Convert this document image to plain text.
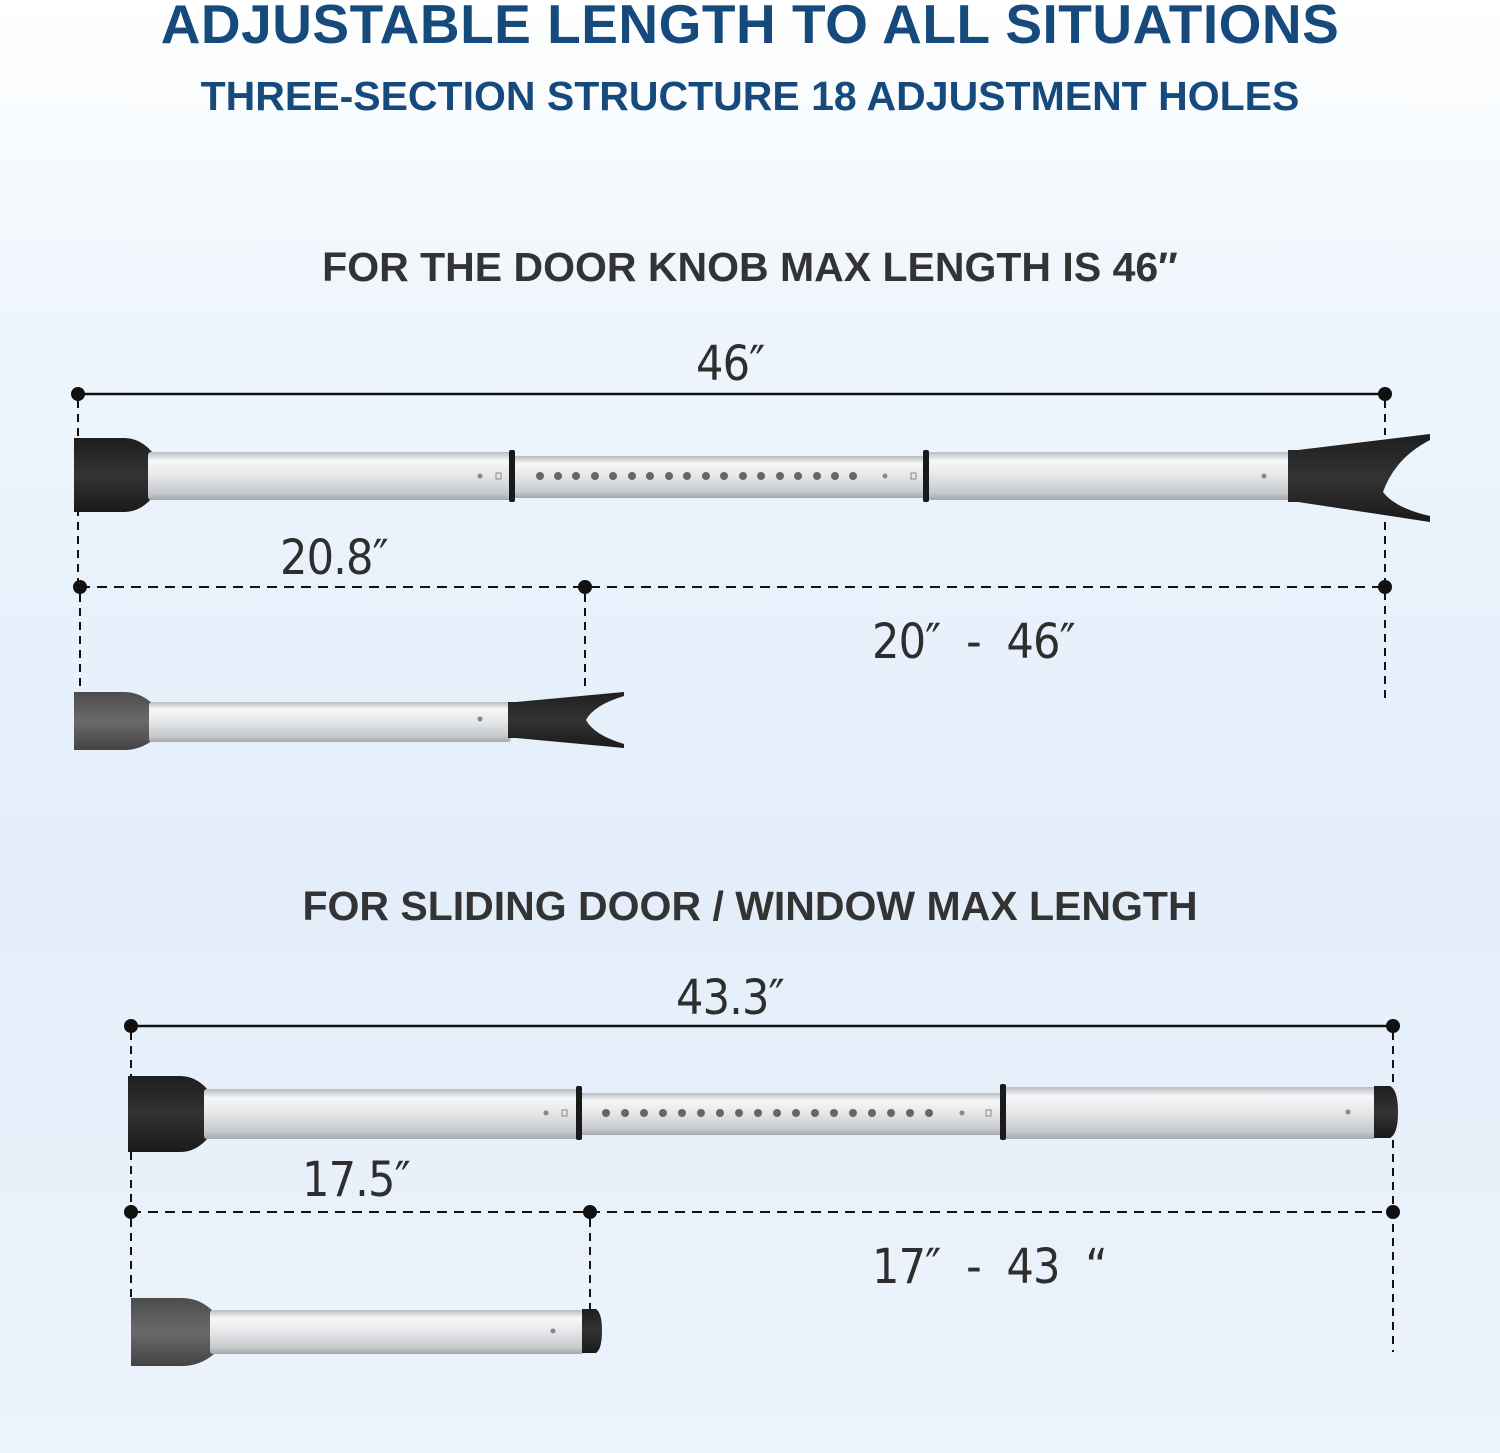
ADJUSTABLE LENGTH TO ALL SITUATIONS
THREE-SECTION STRUCTURE 18 ADJUSTMENT HOLES
FOR THE DOOR KNOB MAX LENGTH IS 46″
FOR SLIDING DOOR / WINDOW MAX LENGTH
46″
20.8″
20″  -  46″
43.3″
17.5″
17″  -  43  “
